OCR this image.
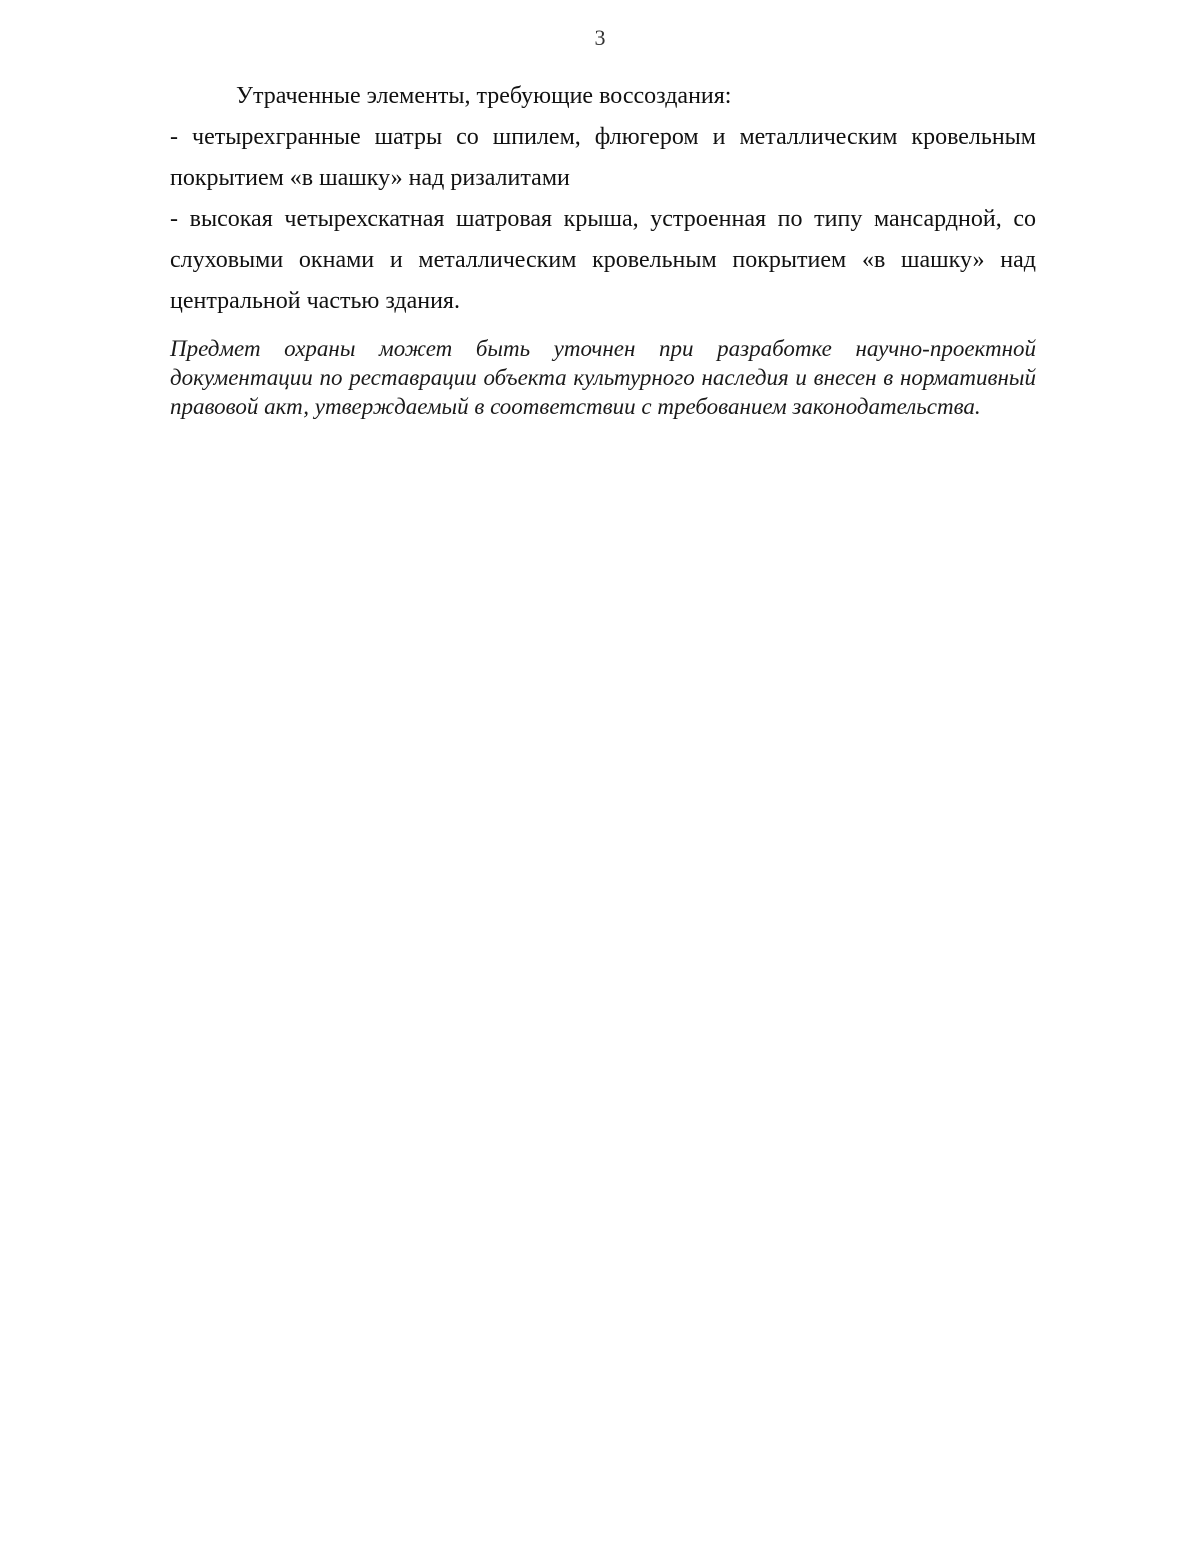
3

Утраченные элементы, требующие воссоздания:

- четырехгранные шатры со шпилем, флюгером и металлическим кровельным покрытием «в шашку» над ризалитами

- высокая четырехскатная шатровая крыша, устроенная по типу мансардной, со слуховыми окнами и металлическим кровельным покрытием «в шашку» над центральной частью здания.

Предмет охраны может быть уточнен при разработке научно-проектной документации по реставрации объекта культурного наследия и внесен в нормативный правовой акт, утверждаемый в соответствии с требованием законодательства.
